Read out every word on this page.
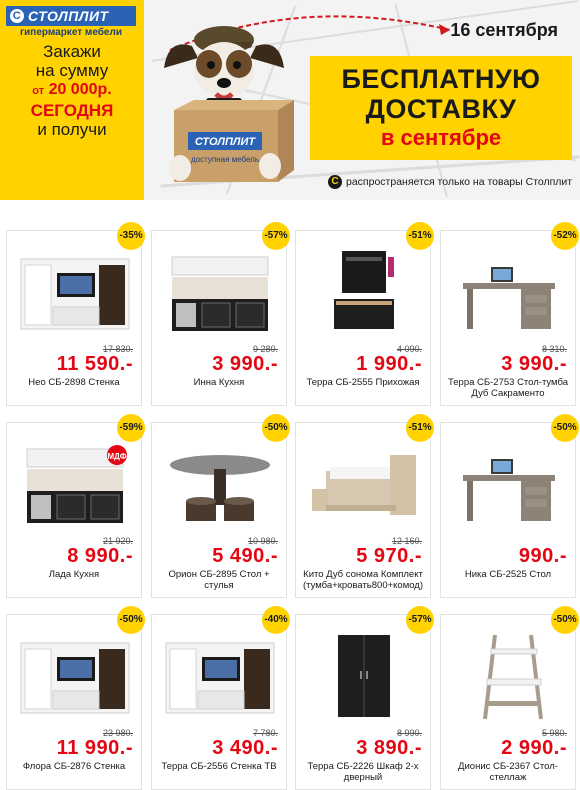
С СТОЛПЛИТ
гипермаркет мебели
Закажи
на сумму
от 20 000р.
СЕГОДНЯ
и получи
СТОЛПЛИТ
доступная мебель
16 сентября
БЕСПЛАТНУЮ
ДОСТАВКУ
в сентябре
С распространяется только на товары Столплит
-35%
17 830.
11 590.-
Нео СБ-2898 Стенка
-57%
9 280.
3 990.-
Инна Кухня
-51%
4 090.
1 990.-
Терра СБ-2555 Прихожая
-52%
8 310.
3 990.-
Терра СБ-2753 Стол-тумба Дуб Сакраменто
МДФ
-59%
21 920.
8 990.-
Лада Кухня
-50%
10 980.
5 490.-
Орион СБ-2895 Стол + стулья
-51%
12 160.
5 970.-
Кито Дуб сонома Комплект (тумба+кровать800+комод)
-50%
990.-
Ника СБ-2525 Стол
-50%
23 980.
11 990.-
Флора СБ-2876 Стенка
-40%
7 780.
3 490.-
Терра СБ-2556 Стенка ТВ
-57%
8 990.
3 890.-
Терра СБ-2226 Шкаф 2-х дверный
-50%
5 980.
2 990.-
Дионис СБ-2367 Стол-стеллаж
